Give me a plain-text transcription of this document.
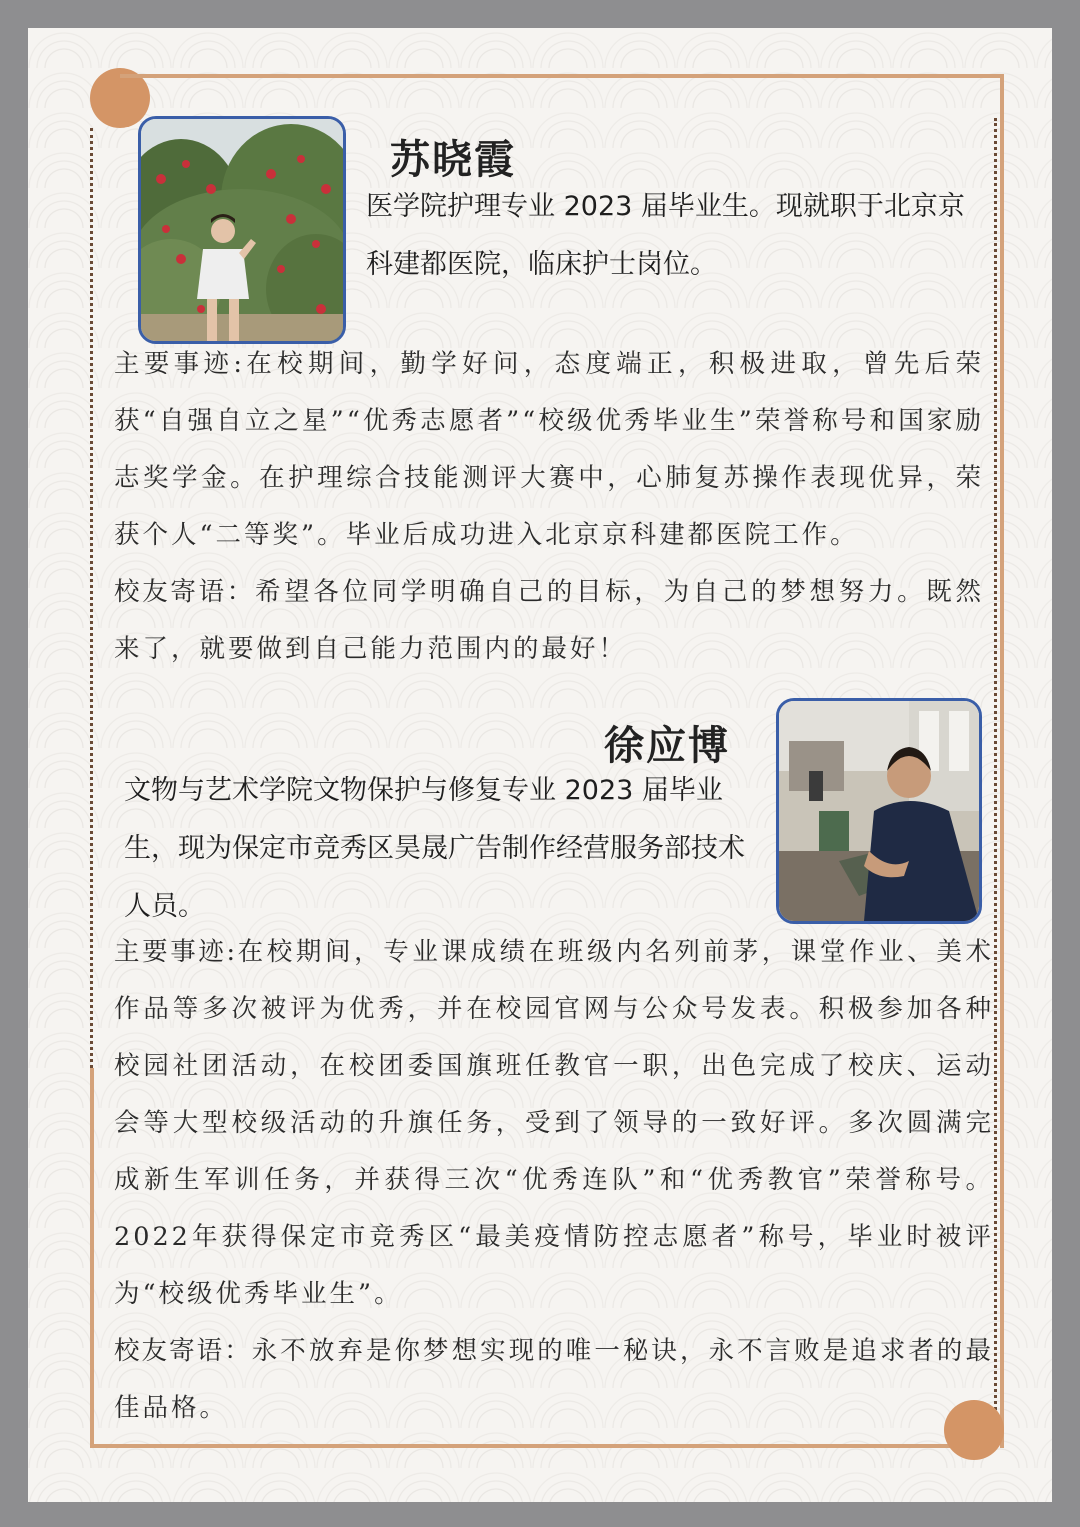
苏晓霞
医学院护理专业 2023 届毕业生。现就职于北京京科建都医院，临床护士岗位。
主要事迹:在校期间，勤学好问，态度端正，积极进取，曾先后荣获“自强自立之星”“优秀志愿者”“校级优秀毕业生”荣誉称号和国家励志奖学金。在护理综合技能测评大赛中，心肺复苏操作表现优异，荣获个人“二等奖”。毕业后成功进入北京京科建都医院工作。
校友寄语：希望各位同学明确自己的目标，为自己的梦想努力。既然来了，就要做到自己能力范围内的最好！
徐应博
文物与艺术学院文物保护与修复专业 2023 届毕业生，现为保定市竞秀区昊晟广告制作经营服务部技术人员。
主要事迹:在校期间，专业课成绩在班级内名列前茅，课堂作业、美术作品等多次被评为优秀，并在校园官网与公众号发表。积极参加各种校园社团活动，在校团委国旗班任教官一职，出色完成了校庆、运动会等大型校级活动的升旗任务，受到了领导的一致好评。多次圆满完成新生军训任务，并获得三次“优秀连队”和“优秀教官”荣誉称号。2022年获得保定市竞秀区“最美疫情防控志愿者”称号，毕业时被评为“校级优秀毕业生”。
校友寄语：永不放弃是你梦想实现的唯一秘诀，永不言败是追求者的最佳品格。
